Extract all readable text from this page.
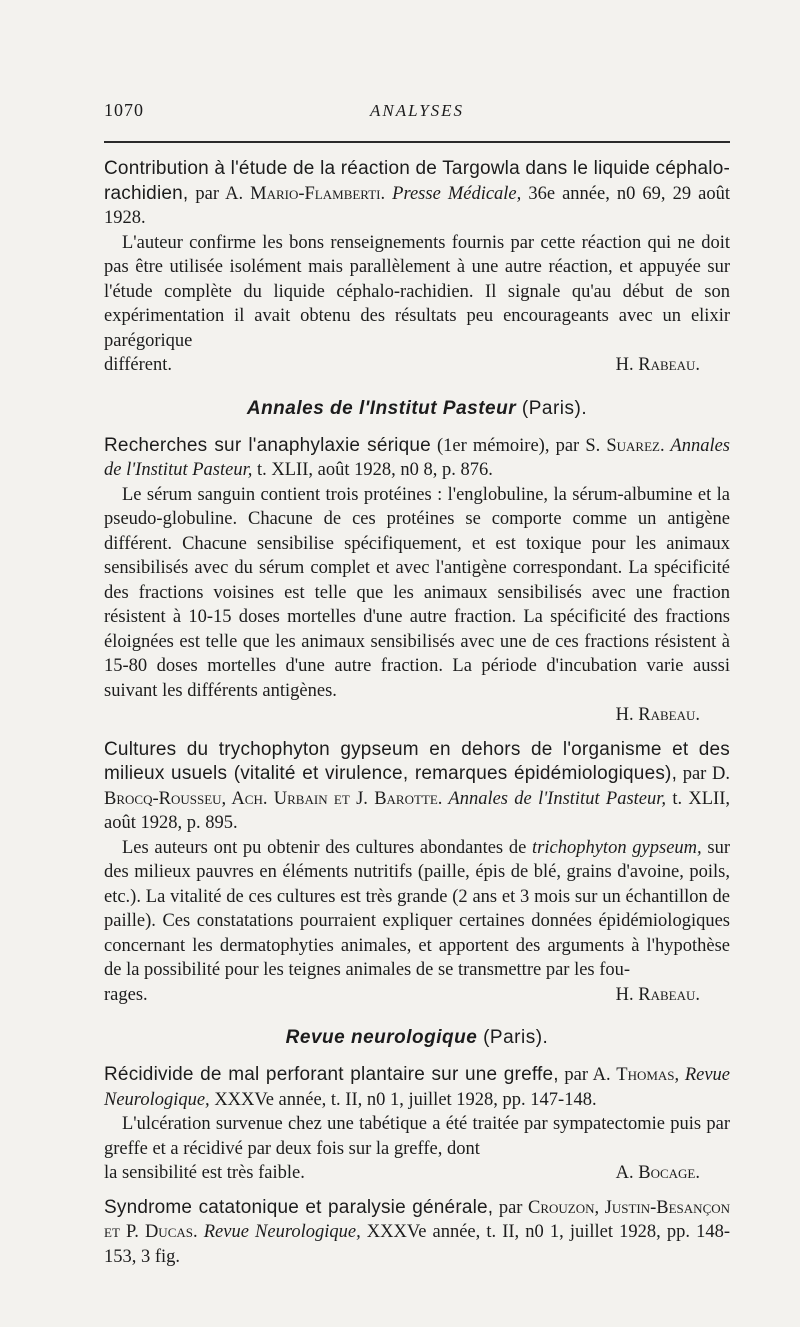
1070	ANALYSES

Contribution à l'étude de la réaction de Targowla dans le liquide céphalo-rachidien, par A. Mario-Flamberti. Presse Médicale, 36e année, n0 69, 29 août 1928.

L'auteur confirme les bons renseignements fournis par cette réaction qui ne doit pas être utilisée isolément mais parallèlement à une autre réaction, et appuyée sur l'étude complète du liquide céphalo-rachidien. Il signale qu'au début de son expérimentation il avait obtenu des résultats peu encourageants avec un elixir parégorique

différent.	H. Rabeau.

Annales de l'Institut Pasteur (Paris).

Recherches sur l'anaphylaxie sérique (1er mémoire), par S. Suarez. Annales de l'Institut Pasteur, t. XLII, août 1928, n0 8, p. 876.

Le sérum sanguin contient trois protéines : l'englobuline, la sérum-albumine et la pseudo-globuline. Chacune de ces protéines se comporte comme un antigène différent. Chacune sensibilise spécifiquement, et est toxique pour les animaux sensibilisés avec du sérum complet et avec l'antigène correspondant. La spécificité des fractions voisines est telle que les animaux sensibilisés avec une fraction résistent à 10-15 doses mortelles d'une autre fraction. La spécificité des fractions éloignées est telle que les animaux sensibilisés avec une de ces fractions résistent à 15-80 doses mortelles d'une autre fraction. La période d'incubation varie aussi suivant les différents antigènes.

H. Rabeau.

Cultures du trychophyton gypseum en dehors de l'organisme et des milieux usuels (vitalité et virulence, remarques épidémiologiques), par D. Brocq-Rousseu, Ach. Urbain et J. Barotte. Annales de l'Institut Pasteur, t. XLII, août 1928, p. 895.

Les auteurs ont pu obtenir des cultures abondantes de trichophyton gypseum, sur des milieux pauvres en éléments nutritifs (paille, épis de blé, grains d'avoine, poils, etc.). La vitalité de ces cultures est très grande (2 ans et 3 mois sur un échantillon de paille). Ces constatations pourraient expliquer certaines données épidémiologiques concernant les dermatophyties animales, et apportent des arguments à l'hypothèse de la possibilité pour les teignes animales de se transmettre par les fou-

rages.	H. Rabeau.

Revue neurologique (Paris).

Récidivide de mal perforant plantaire sur une greffe, par A. Thomas, Revue Neurologique, XXXVe année, t. II, n0 1, juillet 1928, pp. 147-148.

L'ulcération survenue chez une tabétique a été traitée par sympatectomie puis par greffe et a récidivé par deux fois sur la greffe, dont

la sensibilité est très faible.	A. Bocage.

Syndrome catatonique et paralysie générale, par Crouzon, Justin-Besançon et P. Ducas. Revue Neurologique, XXXVe année, t. II, n0 1, juillet 1928, pp. 148-153, 3 fig.
